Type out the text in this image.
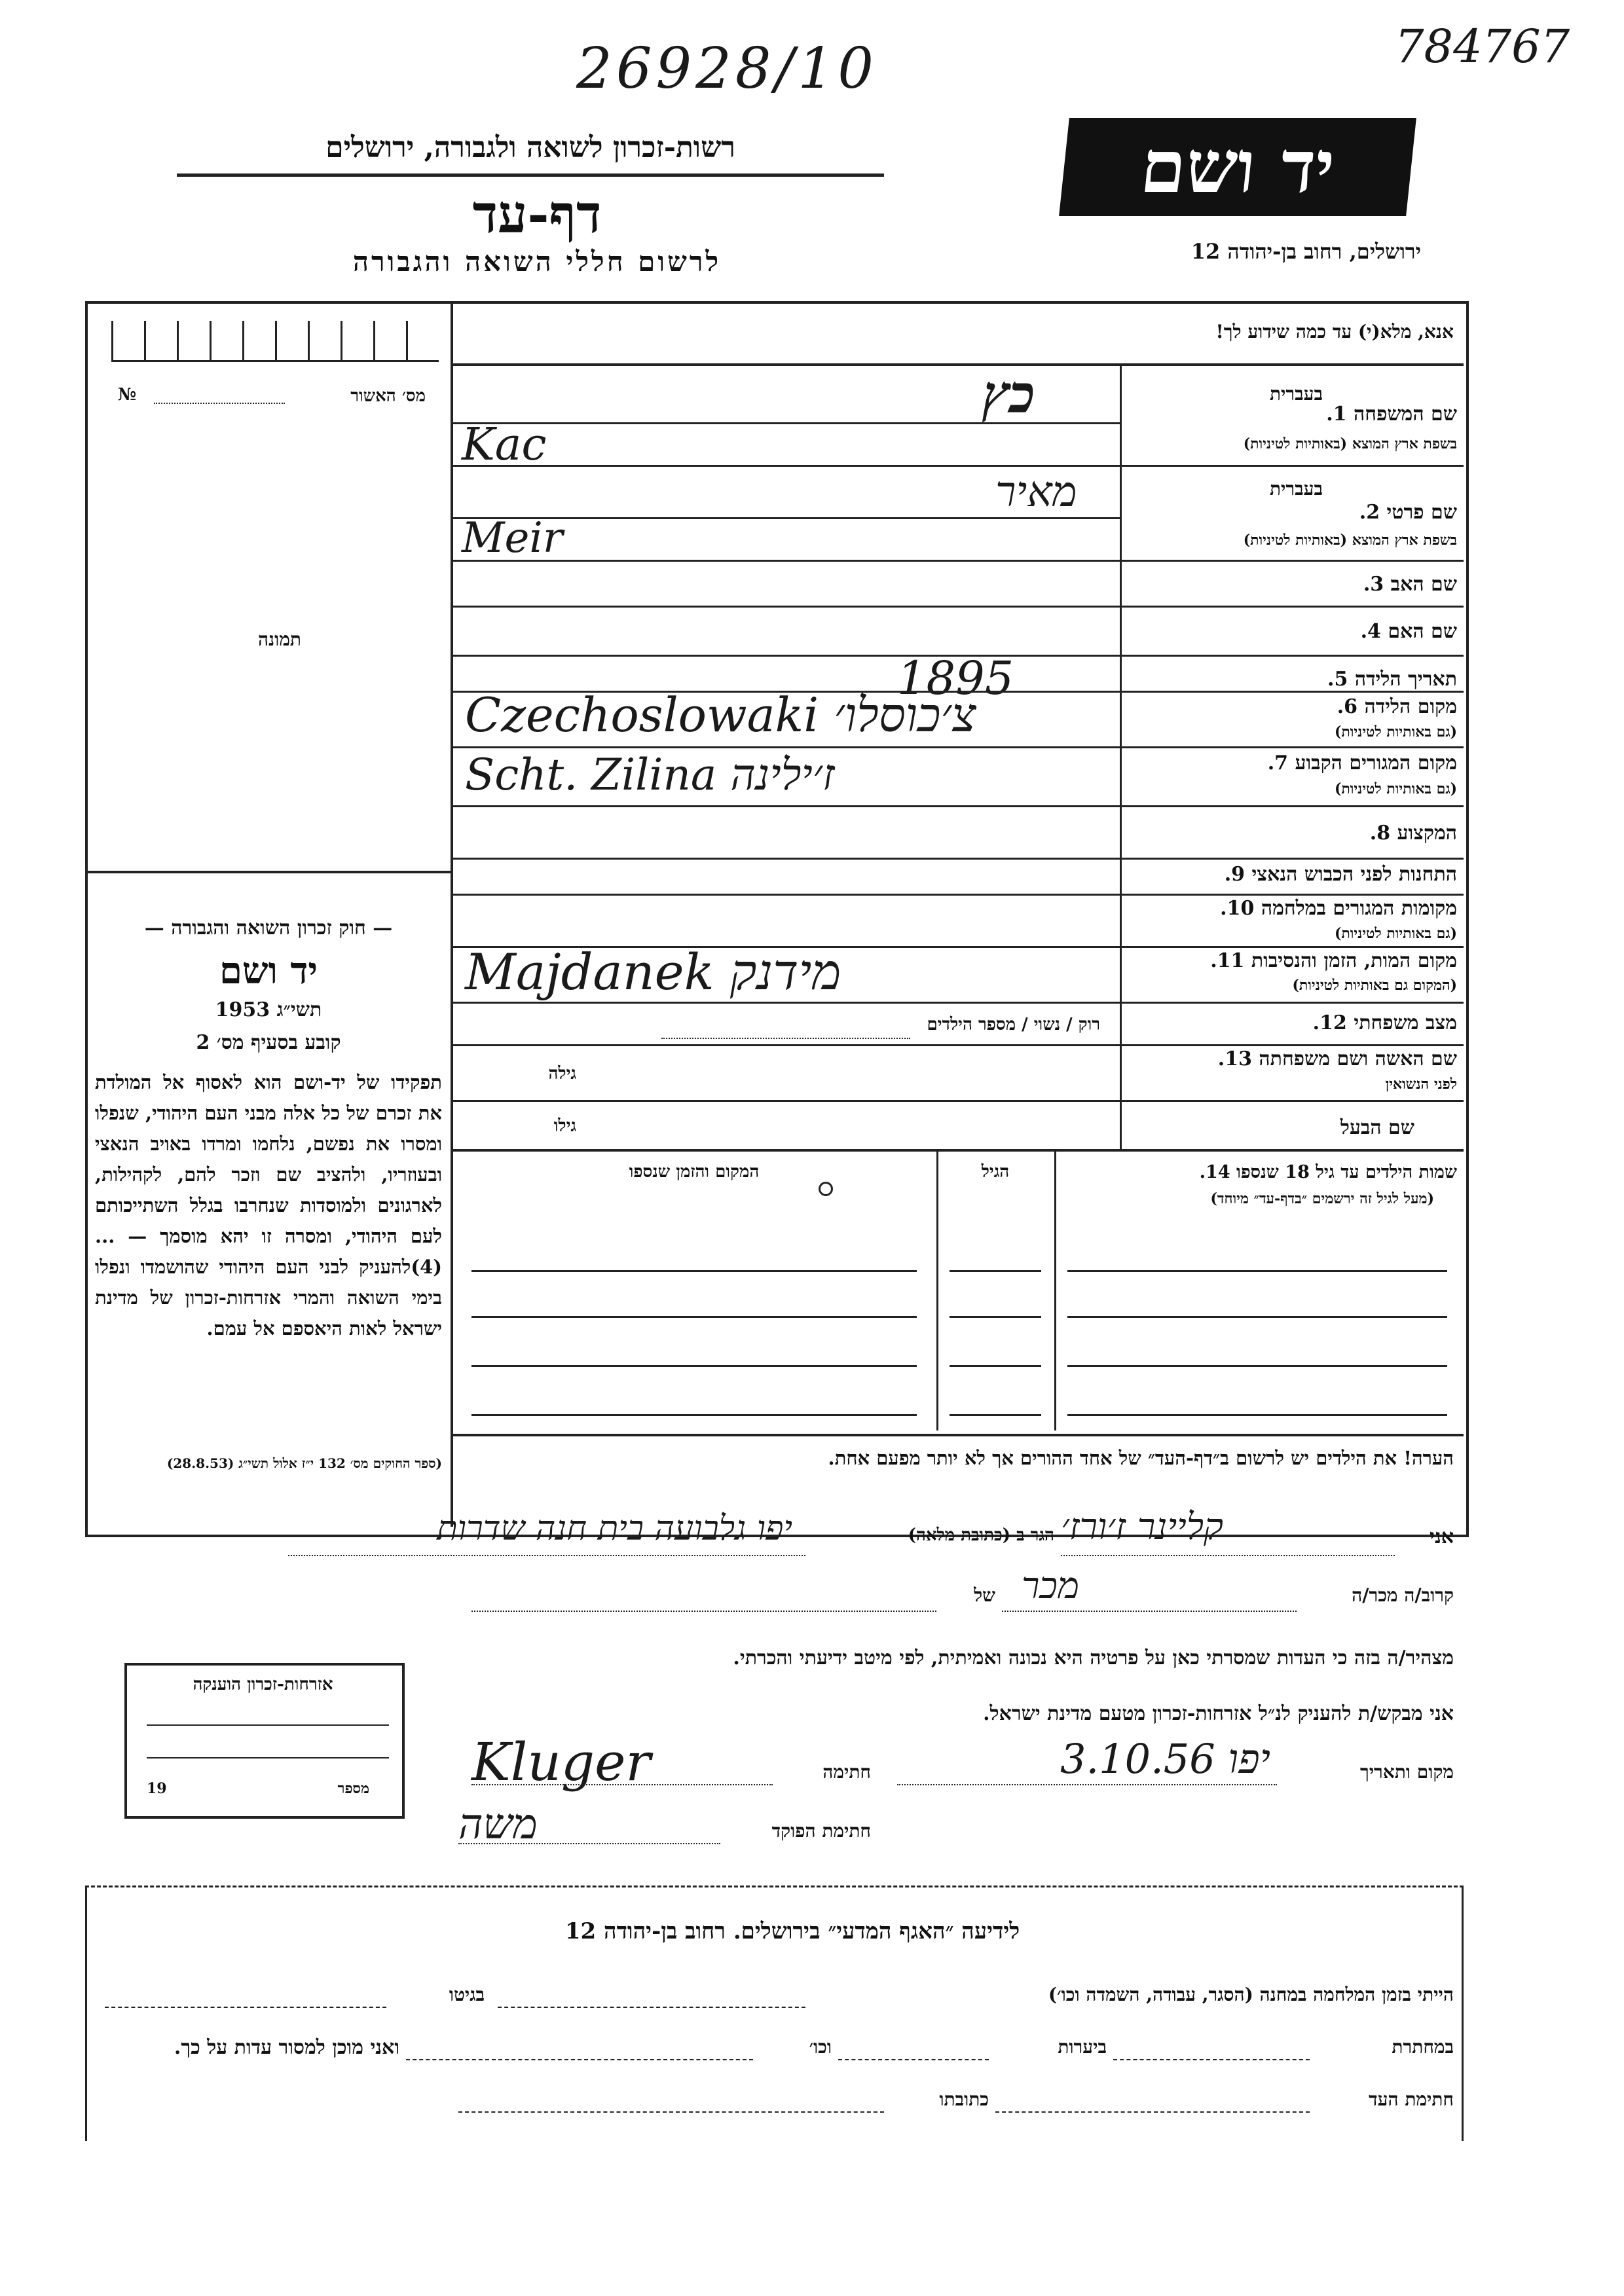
26928/10	784767
רשות-זכרון לשואה ולגבורה, ירושלים
דף-עד
לרשום חללי השואה והגבורה
יד ושם
ירושלים, רחוב בן-יהודה 12
מס׳ האשור
№
תמונה
— חוק זכרון השואה והגבורה —
יד ושם
תשי״ג 1953
קובע בסעיף מס׳ 2
תפקידו של יד-ושם הוא לאסוף אל המולדת את זכרם של כל אלה מבני העם היהודי, שנפלו ומסרו את נפשם, נלחמו ומרדו באויב הנאצי ובעוזריו, ולהציב שם וזכר להם, לקהילות, לארגונים ולמוסדות שנחרבו בגלל השתייכותם לעם היהודי, ומסרה זו יהא מוסמך — ...(4)להעניק לבני העם היהודי שהושמדו ונפלו בימי השואה והמרי אזרחות-זכרון של מדינת ישראל לאות היאספם אל עמם.
(ספר החוקים מס׳ 132 י״ז אלול תשי״ג (28.8.53)
אנא, מלא(י) עד כמה שידוע לך!
שם המשפחה 1.
בעברית
בשפת ארץ המוצא (באותיות לטיניות)
כץ
Kac
בעברית
שם פרטי 2.
בשפת ארץ המוצא (באותיות לטיניות)
מאיר
Meir
שם האב 3.
שם האם 4.
תאריך הלידה 5.
1895
מקום הלידה 6.
(גם באותיות לטיניות)
Czechoslowaki צ׳כוסלו׳
מקום המגורים הקבוע 7.
(גם באותיות לטיניות)
Scht. Zilina ז׳ילינה
המקצוע 8.
התחנות לפני הכבוש הנאצי 9.
מקומות המגורים במלחמה 10.
(גם באותיות לטיניות)
מקום המות, הזמן והנסיבות 11.
(המקום גם באותיות לטיניות)
Majdanek מידנק
מצב משפחתי 12.
רוק / נשוי / מספר הילדים
שם האשה ושם משפחתה 13.
לפני הנשואין
גילה
שם הבעל
גילו
שמות הילדים עד גיל 18 שנספו 14.
(מעל לגיל זה ירשמים ״בדף-עד״ מיוחד)
הגיל
המקום והזמן שנספו
הערה! את הילדים יש לרשום ב״דף-העד״ של אחד ההורים אך לא יותר מפעם אחת.
אני
קליינר ז׳ורז׳
הגר ב (כתובת מלאה)
יפו גלבועה בית חנה שדרות
קרוב/ה מכר/ה
מכר
של
מצהיר/ה בזה כי העדות שמסרתי כאן על פרטיה היא נכונה ואמיתית, לפי מיטב ידיעתי והכרתי.
אני מבקש/ת להעניק לנ״ל אזרחות-זכרון מטעם מדינת ישראל.
מקום ותאריך
יפו 3.10.56
חתימה
Kluger
חתימת הפוקד
משה
אזרחות-זכרון הוענקה
מספר
19
לידיעה ״האגף המדעי״ בירושלים. רחוב בן-יהודה 12
הייתי בזמן המלחמה במחנה (הסגר, עבודה, השמדה וכו׳)
בגיטו
במחתרת
ביערות
וכו׳
ואני מוכן למסור עדות על כך.
חתימת העד
כתובתו
